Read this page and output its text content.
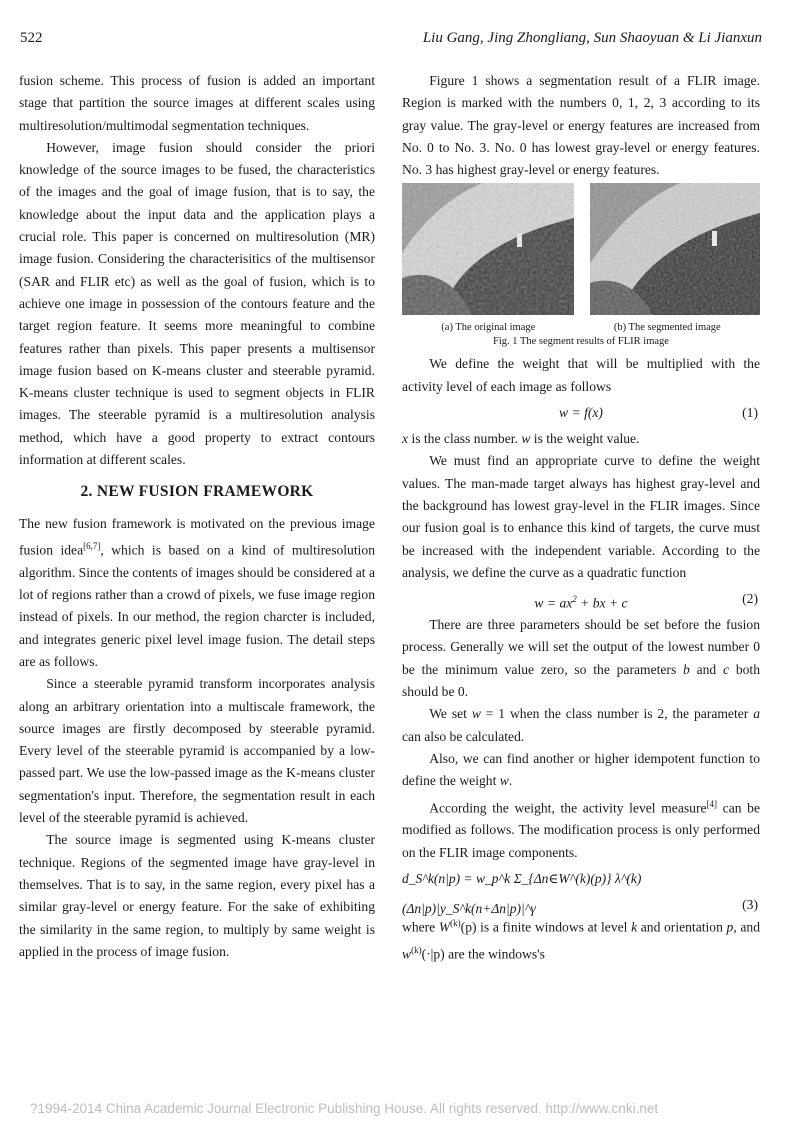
522	Liu Gang, Jing Zhongliang, Sun Shaoyuan & Li Jianxun

fusion scheme. This process of fusion is added an important stage that partition the source images at different scales using multiresolution/multimodal segmentation techniques.

However, image fusion should consider the priori knowledge of the source images to be fused, the characteristics of the images and the goal of image fusion, that is to say, the knowledge about the input data and the application plays a crucial role. This paper is concerned on multiresolution (MR) image fusion. Considering the characterisitics of the multisensor (SAR and FLIR etc) as well as the goal of fusion, which is to achieve one image in possession of the contours feature and the target region feature. It seems more meaningful to combine features rather than pixels. This paper presents a multisensor image fusion based on K-means cluster and steerable pyramid. K-means cluster technique is used to segment objects in FLIR images. The steerable pyramid is a multiresolution analysis method, which have a good property to extract contours information at different scales.

2. NEW FUSION FRAMEWORK

The new fusion framework is motivated on the previous image fusion idea[6,7], which is based on a kind of multiresolution algorithm. Since the contents of images should be considered at a lot of regions rather than a crowd of pixels, we fuse image region instead of pixels. In our method, the region charcter is included, and integrates generic pixel level image fusion. The detail steps are as follows.

Since a steerable pyramid transform incorporates analysis along an arbitrary orientation into a multiscale framework, the source images are firstly decomposed by steerable pyramid. Every level of the steerable pyramid is accompanied by a low-passed part. We use the low-passed image as the K-means cluster segmentation's input. Therefore, the segmentation result in each level of the steerable pyramid is achieved.

The source image is segmented using K-means cluster technique. Regions of the segmented image have gray-level in themselves. That is to say, in the same region, every pixel has a similar gray-level or energy feature. For the sake of exhibiting the similarity in the same region, to multiply by same weight is applied in the process of image fusion.

Figure 1 shows a segmentation result of a FLIR image. Region is marked with the numbers 0, 1, 2, 3 according to its gray value. The gray-level or energy features are increased from No. 0 to No. 3. No. 0 has lowest gray-level or energy features. No. 3 has highest gray-level or energy features.

(a) The original image	(b) The segmented image
Fig. 1 The segment results of FLIR image

We define the weight that will be multiplied with the activity level of each image as follows

w = f(x)	(1)

x is the class number. w is the weight value.

We must find an appropriate curve to define the weight values. The man-made target always has highest gray-level and the background has lowest gray-level in the FLIR images. Since our fusion goal is to enhance this kind of targets, the curve must be increased with the independent variable. According to the analysis, we define the curve as a quadratic function

$w = ax^2$ + bx + c	(2)

There are three parameters should be set before the fusion process. Generally we will set the output of the lowest number 0 be the minimum value zero, so the parameters b and c both should be 0.

We set w = 1 when the class number is 2, the parameter a can also be calculated.

Also, we can find another or higher idempotent function to define the weight w.

According the weight, the activity level measure[4] can be modified as follows. The modification process is only performed on the FLIR image components.

d_S^k(n|p) = w_p^k Σ_{Δn∈W^(k)(p)} λ^(k)(Δn|p)|y_S^k(n+Δn|p)|^γ	(3)

where $W^{(k)}(p)$ is a finite windows at level k and orientation p, and $w^{(k)}(\cdot|p)$ are the windows's

?1994-2014 China Academic Journal Electronic Publishing House. All rights reserved. http://www.cnki.net
